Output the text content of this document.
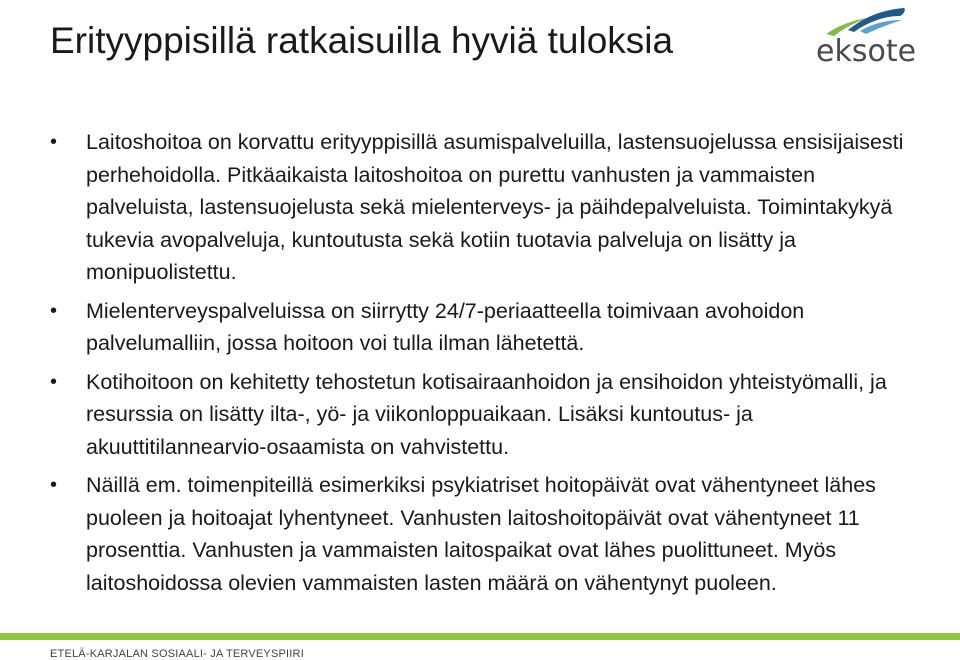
Erityyppisillä ratkaisuilla hyviä tuloksia	eksote
• Laitoshoitoa on korvattu erityyppisillä asumispalveluilla, lastensuojelussa ensisijaisesti perhehoidolla. Pitkäaikaista laitoshoitoa on purettu vanhusten ja vammaisten palveluista, lastensuojelusta sekä mielenterveys- ja päihdepalveluista. Toimintakykyä tukevia avopalveluja, kuntoutusta sekä kotiin tuotavia palveluja on lisätty ja monipuolistettu.
• Mielenterveyspalveluissa on siirrytty 24/7-periaatteella toimivaan avohoidon palvelumalliin, jossa hoitoon voi tulla ilman lähetettä.
• Kotihoitoon on kehitetty tehostetun kotisairaanhoidon ja ensihoidon yhteistyömalli, ja resurssia on lisätty ilta-, yö- ja viikonloppuaikaan. Lisäksi kuntoutus- ja akuuttitilannearvio-osaamista on vahvistettu.
• Näillä em. toimenpiteillä esimerkiksi psykiatriset hoitopäivät ovat vähentyneet lähes puoleen ja hoitoajat lyhentyneet. Vanhusten laitoshoitopäivät ovat vähentyneet 11 prosenttia. Vanhusten ja vammaisten laitospaikat ovat lähes puolittuneet. Myös laitoshoidossa olevien vammaisten lasten määrä on vähentynyt puoleen.
ETELÄ-KARJALAN SOSIAALI- JA TERVEYSPIIRI
